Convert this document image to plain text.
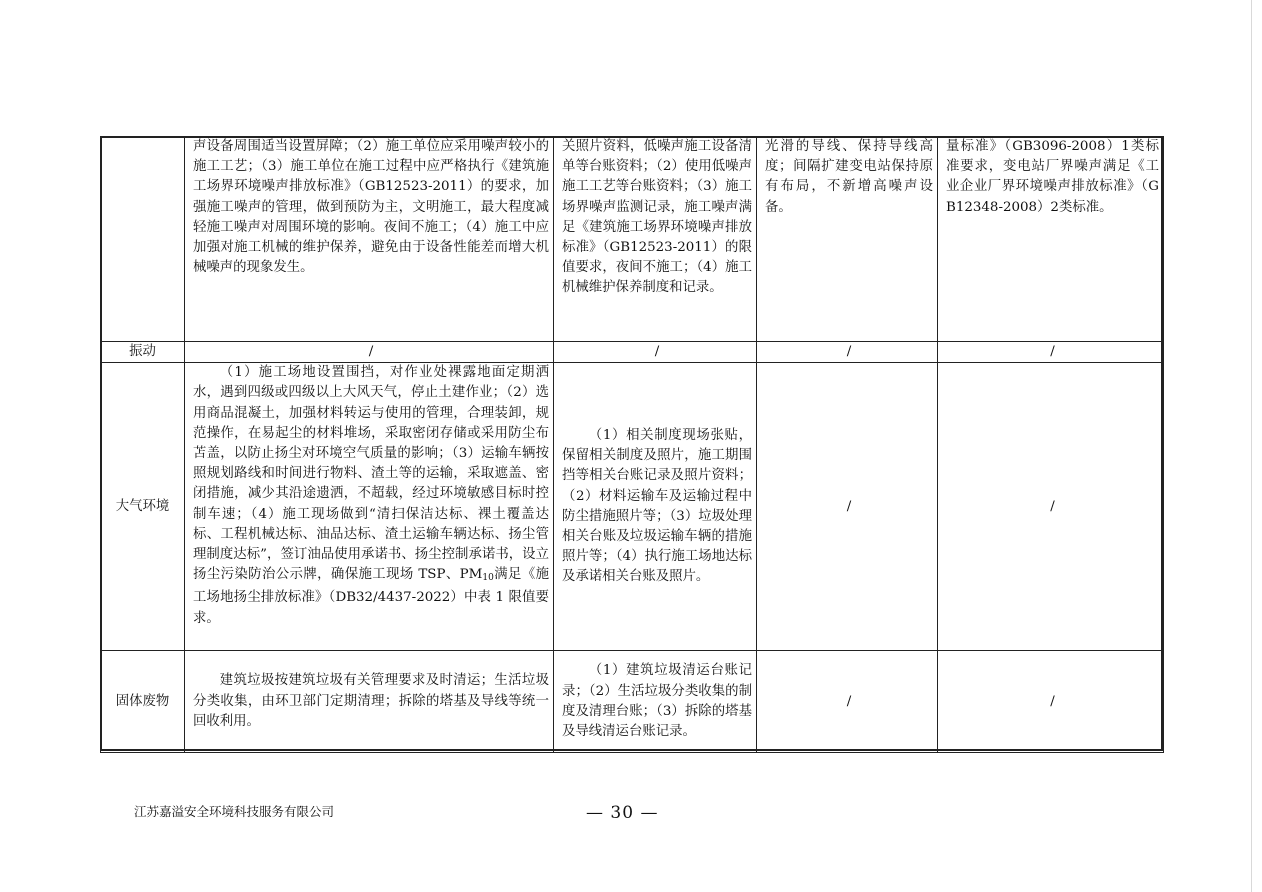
	声设备周围适当设置屏障；（2）施工单位应采用噪声较小的施工工艺；（3）施工单位在施工过程中应严格执行《建筑施工场界环境噪声排放标准》（GB12523-2011）的要求，加强施工噪声的管理，做到预防为主，文明施工，最大程度减轻施工噪声对周围环境的影响。夜间不施工；（4）施工中应加强对施工机械的维护保养，避免由于设备性能差而增大机械噪声的现象发生。	关照片资料，低噪声施工设备清单等台账资料；（2）使用低噪声施工工艺等台账资料；（3）施工场界噪声监测记录，施工噪声满足《建筑施工场界环境噪声排放标准》（GB12523-2011）的限值要求，夜间不施工；（4）施工机械维护保养制度和记录。	光滑的导线、保持导线高度；间隔扩建变电站保持原有布局，不新增高噪声设备。	量标准》（GB3096-2008）1类标准要求，变电站厂界噪声满足《工业企业厂界环境噪声排放标准》（GB12348-2008）2类标准。
振动	/	/	/	/
大气环境	（1）施工场地设置围挡，对作业处裸露地面定期洒水，遇到四级或四级以上大风天气，停止土建作业；（2）选用商品混凝土，加强材料转运与使用的管理，合理装卸，规范操作，在易起尘的材料堆场，采取密闭存储或采用防尘布苫盖，以防止扬尘对环境空气质量的影响；（3）运输车辆按照规划路线和时间进行物料、渣土等的运输，采取遮盖、密闭措施，减少其沿途遗洒，不超载，经过环境敏感目标时控制车速；（4）施工现场做到“清扫保洁达标、裸土覆盖达标、工程机械达标、油品达标、渣土运输车辆达标、扬尘管理制度达标”，签订油品使用承诺书、扬尘控制承诺书，设立扬尘污染防治公示牌，确保施工现场 TSP、$PM_{10}$满足《施工场地扬尘排放标准》（DB32/4437-2022）中表 1 限值要求。	（1）相关制度现场张贴，保留相关制度及照片，施工期围挡等相关台账记录及照片资料；（2）材料运输车及运输过程中防尘措施照片等；（3）垃圾处理相关台账及垃圾运输车辆的措施照片等；（4）执行施工场地达标及承诺相关台账及照片。	/	/
固体废物	建筑垃圾按建筑垃圾有关管理要求及时清运；生活垃圾分类收集，由环卫部门定期清理；拆除的塔基及导线等统一回收利用。	（1）建筑垃圾清运台账记录；（2）生活垃圾分类收集的制度及清理台账；（3）拆除的塔基及导线清运台账记录。	/	/
江苏嘉溢安全环境科技服务有限公司	— 30 —
